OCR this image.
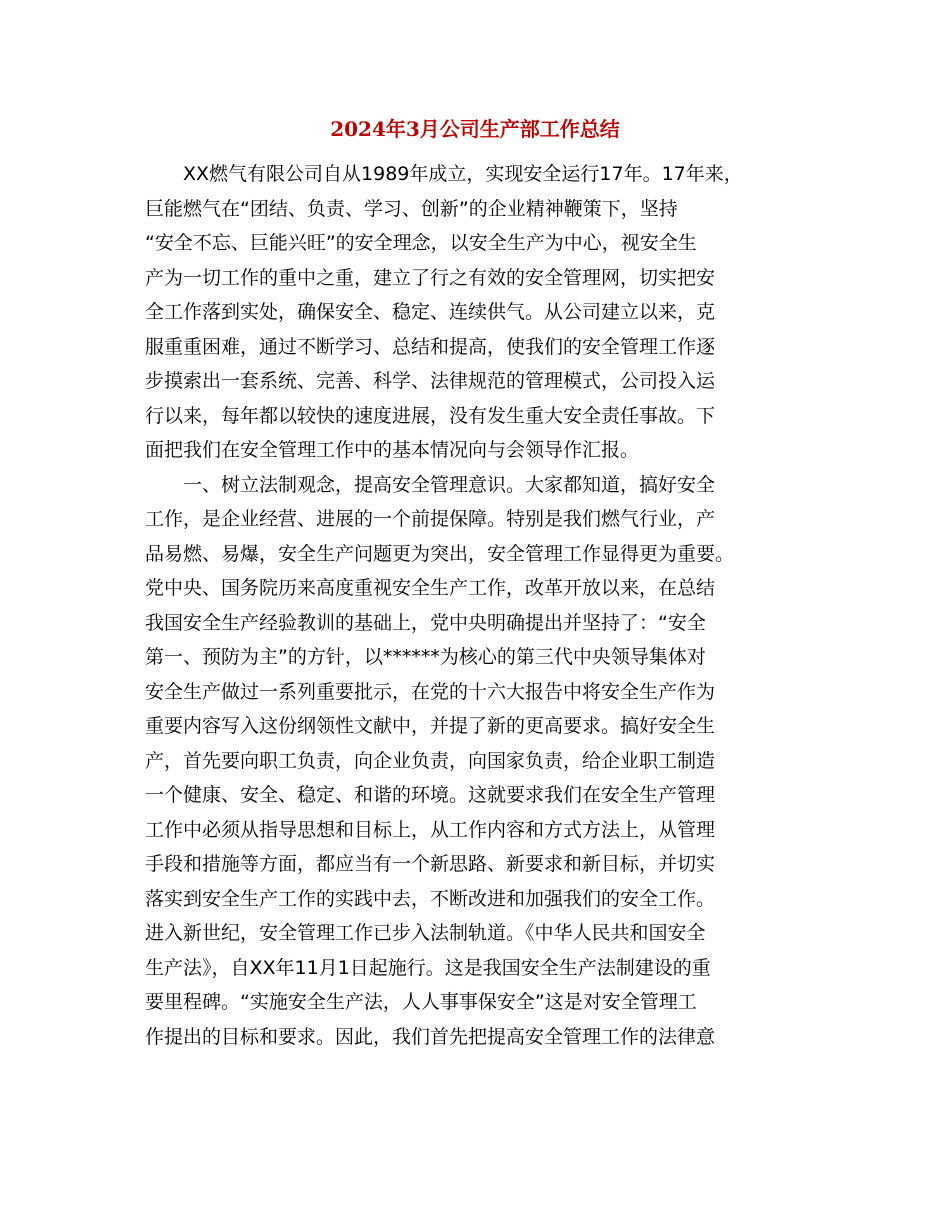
2024年3月公司生产部工作总结

　　XX燃气有限公司自从1989年成立，实现安全运行17年。17年来，

巨能燃气在“团结、负责、学习、创新”的企业精神鞭策下，坚持

“安全不忘、巨能兴旺”的安全理念，以安全生产为中心，视安全生

产为一切工作的重中之重，建立了行之有效的安全管理网，切实把安

全工作落到实处，确保安全、稳定、连续供气。从公司建立以来，克

服重重困难，通过不断学习、总结和提高，使我们的安全管理工作逐

步摸索出一套系统、完善、科学、法律规范的管理模式，公司投入运

行以来，每年都以较快的速度进展，没有发生重大安全责任事故。下

面把我们在安全管理工作中的基本情况向与会领导作汇报。

　　一、树立法制观念，提高安全管理意识。大家都知道，搞好安全

工作，是企业经营、进展的一个前提保障。特别是我们燃气行业，产

品易燃、易爆，安全生产问题更为突出，安全管理工作显得更为重要。

党中央、国务院历来高度重视安全生产工作，改革开放以来，在总结

我国安全生产经验教训的基础上，党中央明确提出并坚持了：“安全

第一、预防为主”的方针，以******为核心的第三代中央领导集体对

安全生产做过一系列重要批示，在党的十六大报告中将安全生产作为

重要内容写入这份纲领性文献中，并提了新的更高要求。搞好安全生

产，首先要向职工负责，向企业负责，向国家负责，给企业职工制造

一个健康、安全、稳定、和谐的环境。这就要求我们在安全生产管理

工作中必须从指导思想和目标上，从工作内容和方式方法上，从管理

手段和措施等方面，都应当有一个新思路、新要求和新目标，并切实

落实到安全生产工作的实践中去，不断改进和加强我们的安全工作。

进入新世纪，安全管理工作已步入法制轨道。《中华人民共和国安全

生产法》，自XX年11月1日起施行。这是我国安全生产法制建设的重

要里程碑。“实施安全生产法，人人事事保安全”这是对安全管理工

作提出的目标和要求。因此，我们首先把提高安全管理工作的法律意
